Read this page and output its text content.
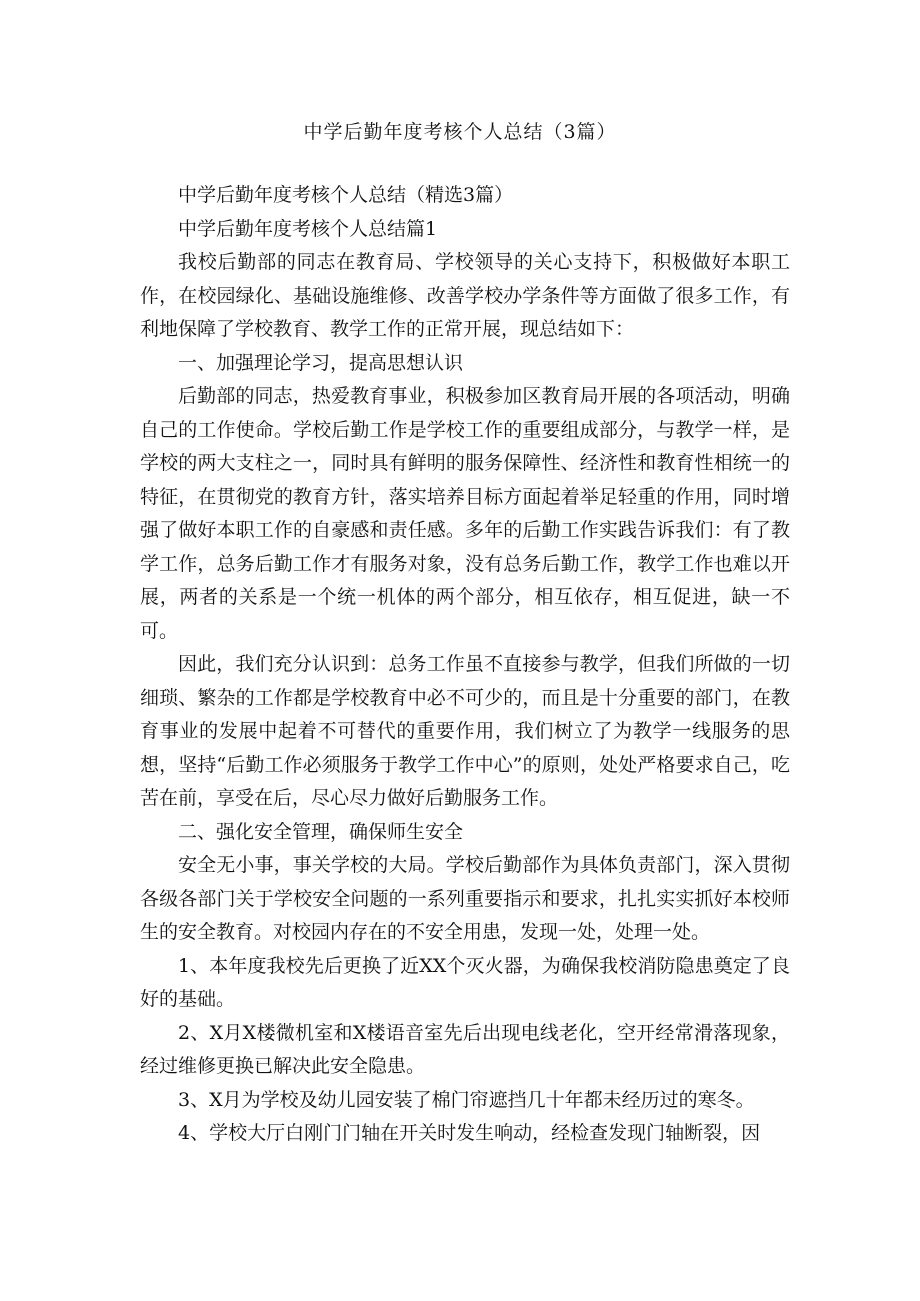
中学后勤年度考核个人总结（3篇）

中学后勤年度考核个人总结（精选3篇）

中学后勤年度考核个人总结篇1

我校后勤部的同志在教育局、学校领导的关心支持下，积极做好本职工作，在校园绿化、基础设施维修、改善学校办学条件等方面做了很多工作，有利地保障了学校教育、教学工作的正常开展，现总结如下：

一、加强理论学习，提高思想认识

后勤部的同志，热爱教育事业，积极参加区教育局开展的各项活动，明确自己的工作使命。学校后勤工作是学校工作的重要组成部分，与教学一样，是学校的两大支柱之一，同时具有鲜明的服务保障性、经济性和教育性相统一的特征，在贯彻党的教育方针，落实培养目标方面起着举足轻重的作用，同时增强了做好本职工作的自豪感和责任感。多年的后勤工作实践告诉我们：有了教学工作，总务后勤工作才有服务对象，没有总务后勤工作，教学工作也难以开展，两者的关系是一个统一机体的两个部分，相互依存，相互促进，缺一不可。

因此，我们充分认识到：总务工作虽不直接参与教学，但我们所做的一切细琐、繁杂的工作都是学校教育中必不可少的，而且是十分重要的部门，在教育事业的发展中起着不可替代的重要作用，我们树立了为教学一线服务的思想，坚持“后勤工作必须服务于教学工作中心”的原则，处处严格要求自己，吃苦在前，享受在后，尽心尽力做好后勤服务工作。

二、强化安全管理，确保师生安全

安全无小事，事关学校的大局。学校后勤部作为具体负责部门，深入贯彻各级各部门关于学校安全问题的一系列重要指示和要求，扎扎实实抓好本校师生的安全教育。对校园内存在的不安全用患，发现一处，处理一处。

1、本年度我校先后更换了近XX个灭火器，为确保我校消防隐患奠定了良好的基础。

2、X月X楼微机室和X楼语音室先后出现电线老化，空开经常滑落现象，经过维修更换已解决此安全隐患。

3、X月为学校及幼儿园安装了棉门帘遮挡几十年都未经历过的寒冬。

4、学校大厅白刚门门轴在开关时发生响动，经检查发现门轴断裂，因
